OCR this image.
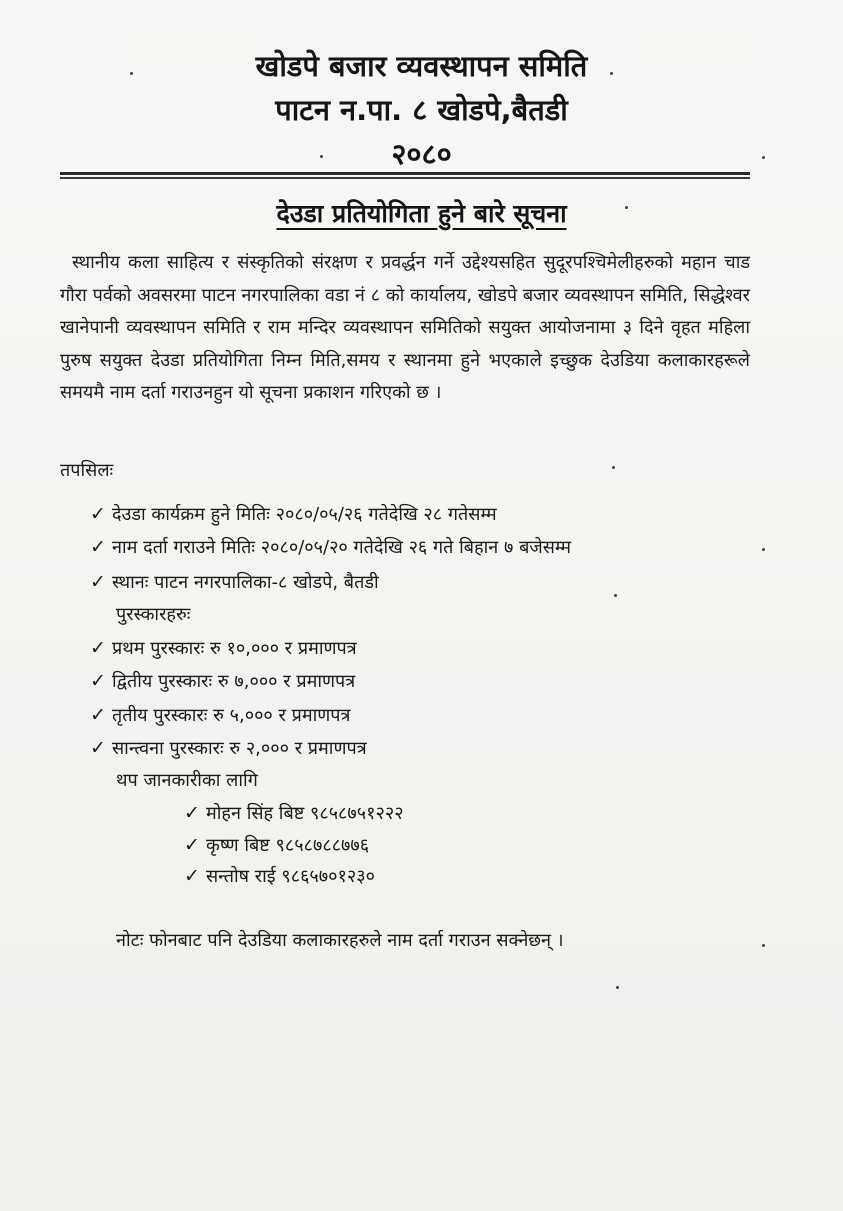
खोडपे बजार व्यवस्थापन समिति
पाटन न.पा. ८ खोडपे,बैतडी
२०८०
देउडा प्रतियोगिता हुने बारे सूचना
स्थानीय कला साहित्य र संस्कृतिको संरक्षण र प्रवर्द्धन गर्ने उद्देश्यसहित सुदूरपश्चिमेलीहरुको महान चाड गौरा पर्वको अवसरमा पाटन नगरपालिका वडा नं ८ को कार्यालय, खोडपे बजार व्यवस्थापन समिति, सिद्धेश्वर खानेपानी व्यवस्थापन समिति र राम मन्दिर व्यवस्थापन समितिको सयुक्त आयोजनामा ३ दिने वृहत महिला पुरुष सयुक्त देउडा प्रतियोगिता निम्न मिति,समय र स्थानमा हुने भएकाले इच्छुक देउडिया कलाकारहरूले समयमै नाम दर्ता गराउनहुन यो सूचना प्रकाशन गरिएको छ ।
तपसिलः
✓ देउडा कार्यक्रम हुने मितिः २०८०/०५/२६ गतेदेखि २८ गतेसम्म
✓ नाम दर्ता गराउने मितिः २०८०/०५/२० गतेदेखि २६ गते बिहान ७ बजेसम्म
✓ स्थानः पाटन नगरपालिका-८ खोडपे, बैतडी
पुरस्कारहरुः
✓ प्रथम पुरस्कारः रु १०,००० र प्रमाणपत्र
✓ द्वितीय पुरस्कारः रु ७,००० र प्रमाणपत्र
✓ तृतीय पुरस्कारः रु ५,००० र प्रमाणपत्र
✓ सान्त्वना पुरस्कारः रु २,००० र प्रमाणपत्र
थप जानकारीका लागि
✓ मोहन सिंह बिष्ट ९८५८७५१२२२
✓ कृष्ण बिष्ट ९८५८७८८७७६
✓ सन्तोष राई ९८६५७०१२३०
नोटः फोनबाट पनि देउडिया कलाकारहरुले नाम दर्ता गराउन सक्नेछन् ।
